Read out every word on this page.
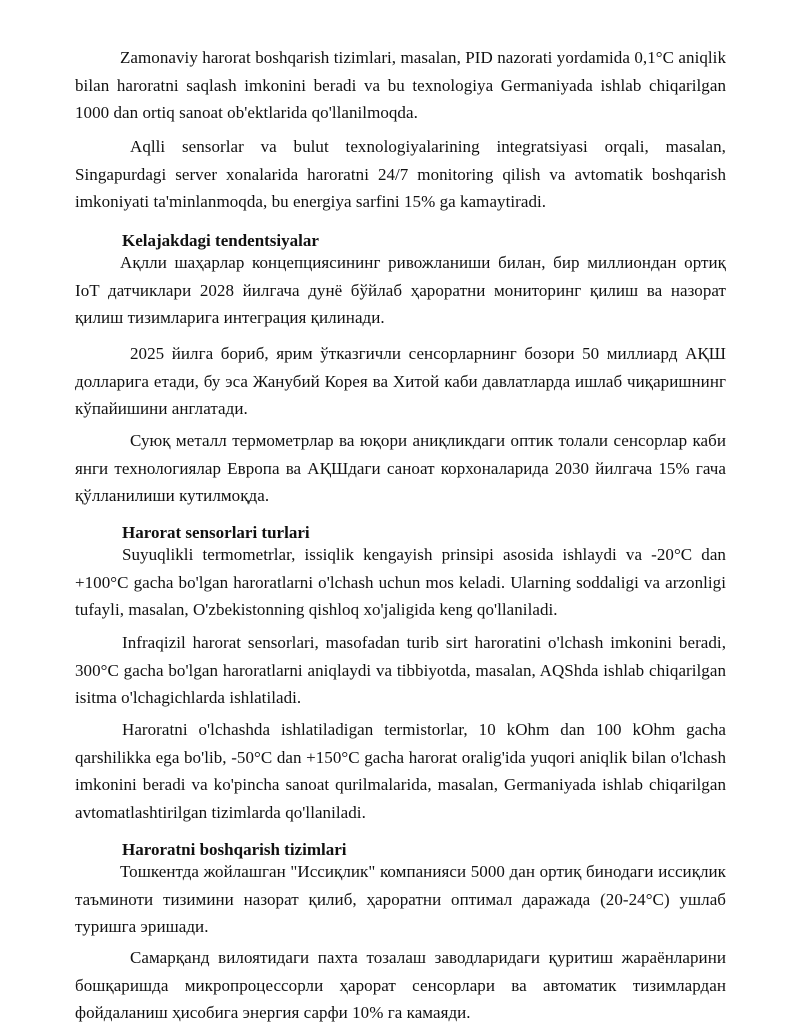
Zamonaviy harorat boshqarish tizimlari, masalan, PID nazorati yordamida 0,1°C aniqlik bilan haroratni saqlash imkonini beradi va bu texnologiya Germaniyada ishlab chiqarilgan 1000 dan ortiq sanoat ob'ektlarida qo'llanilmoqda.

Aqlli sensorlar va bulut texnologiyalarining integratsiyasi orqali, masalan, Singapurdagi server xonalarida haroratni 24/7 monitoring qilish va avtomatik boshqarish imkoniyati ta'minlanmoqda, bu energiya sarfini 15% ga kamaytiradi.

Kelajakdagi tendentsiyalar

Ақлли шаҳарлар концепциясининг ривожланиши билан, бир миллиондан ортиқ IoT датчиклари 2028 йилгача дунё бўйлаб ҳароратни мониторинг қилиш ва назорат қилиш тизимларига интеграция қилинади.

2025 йилга бориб, ярим ўтказгичли сенсорларнинг бозори 50 миллиард АҚШ долларига етади, бу эса Жанубий Корея ва Хитой каби давлатларда ишлаб чиқаришнинг кўпайишини англатади.

Суюқ металл термометрлар ва юқори аниқликдаги оптик толали сенсорлар каби янги технологиялар Европа ва АҚШдаги саноат корхоналарида 2030 йилгача 15% гача қўлланилиши кутилмоқда.

Harorat sensorlari turlari

Suyuqlikli termometrlar, issiqlik kengayish prinsipi asosida ishlaydi va -20°C dan +100°C gacha bo'lgan haroratlarni o'lchash uchun mos keladi. Ularning soddaligi va arzonligi tufayli, masalan, O'zbekistonning qishloq xo'jaligida keng qo'llaniladi.

Infraqizil harorat sensorlari, masofadan turib sirt haroratini o'lchash imkonini beradi, 300°C gacha bo'lgan haroratlarni aniqlaydi va tibbiyotda, masalan, AQShda ishlab chiqarilgan isitma o'lchagichlarda ishlatiladi.

Haroratni o'lchashda ishlatiladigan termistorlar, 10 kOhm dan 100 kOhm gacha qarshilikka ega bo'lib, -50°C dan +150°C gacha harorat oralig'ida yuqori aniqlik bilan o'lchash imkonini beradi va ko'pincha sanoat qurilmalarida, masalan, Germaniyada ishlab chiqarilgan avtomatlashtirilgan tizimlarda qo'llaniladi.

Haroratni boshqarish tizimlari

Тошкентда жойлашган "Иссиқлик" компанияси 5000 дан ортиқ бинодаги иссиқлик таъминоти тизимини назорат қилиб, ҳароратни оптимал даражада (20-24°С) ушлаб туришга эришади.

Самарқанд вилоятидаги пахта тозалаш заводларидаги қуритиш жараёнларини бошқаришда микропроцессорли ҳарорат сенсорлари ва автоматик тизимлардан фойдаланиш ҳисобига энергия сарфи 10% га камаяди.
